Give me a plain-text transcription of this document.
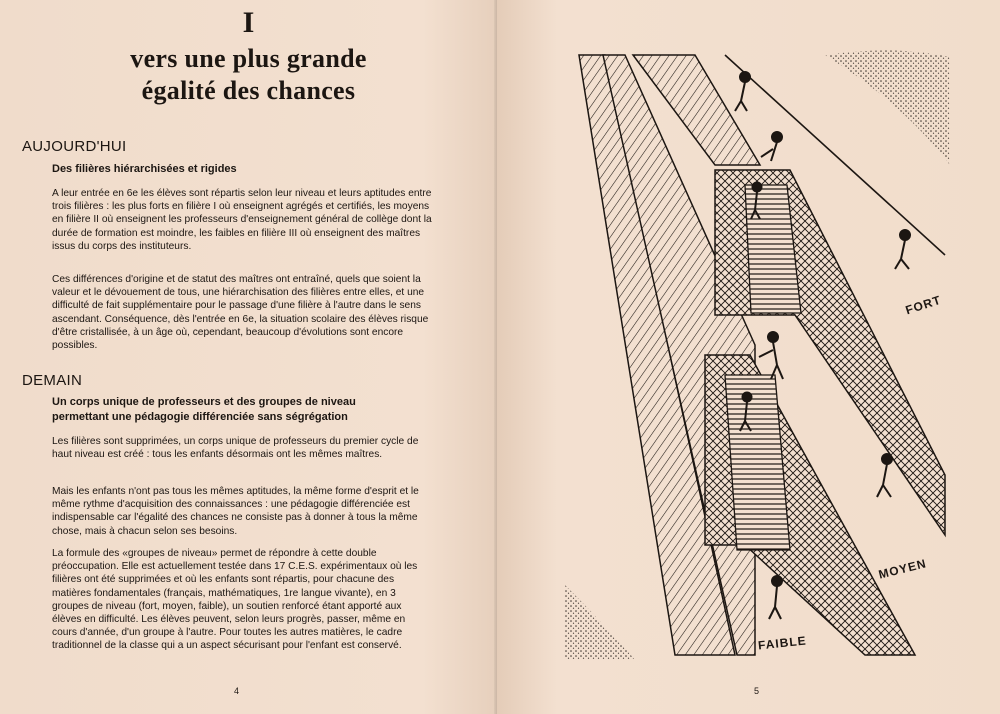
I
vers une plus grande
égalité des chances
AUJOURD'HUI
Des filières hiérarchisées et rigides
A leur entrée en 6e les élèves sont répartis selon leur niveau et leurs aptitudes entre trois filières : les plus forts en filière I où enseignent agrégés et certifiés, les moyens en filière II où enseignent les professeurs d'enseignement général de collège dont la durée de formation est moindre, les faibles en filière III où enseignent des maîtres issus du corps des instituteurs.
Ces différences d'origine et de statut des maîtres ont entraîné, quels que soient la valeur et le dévouement de tous, une hiérarchisation des filières entre elles, et une difficulté de fait supplémentaire pour le passage d'une filière à l'autre dans le sens ascendant. Conséquence, dès l'entrée en 6e, la situation scolaire des élèves risque d'être cristallisée, à un âge où, cependant, beaucoup d'évolutions sont encore possibles.
DEMAIN
Un corps unique de professeurs et des groupes de niveau permettant une pédagogie différenciée sans ségrégation
Les filières sont supprimées, un corps unique de professeurs du premier cycle de haut niveau est créé : tous les enfants désormais ont les mêmes maîtres.
Mais les enfants n'ont pas tous les mêmes aptitudes, la même forme d'esprit et le même rythme d'acquisition des connaissances : une pédagogie différenciée est indispensable car l'égalité des chances ne consiste pas à donner à tous la même chose, mais à chacun selon ses besoins.
La formule des «groupes de niveau» permet de répondre à cette double préoccupation. Elle est actuellement testée dans 17 C.E.S. expérimentaux où les filières ont été supprimées et où les enfants sont répartis, pour chacune des matières fondamentales (français, mathématiques, 1re langue vivante), en 3 groupes de niveau (fort, moyen, faible), un soutien renforcé étant apporté aux élèves en difficulté. Les élèves peuvent, selon leurs progrès, passer, même en cours d'année, d'un groupe à l'autre. Pour toutes les autres matières, le cadre traditionnel de la classe qui a un aspect sécurisant pour l'enfant est conservé.
4	5
FORT
MOYEN
FAIBLE
